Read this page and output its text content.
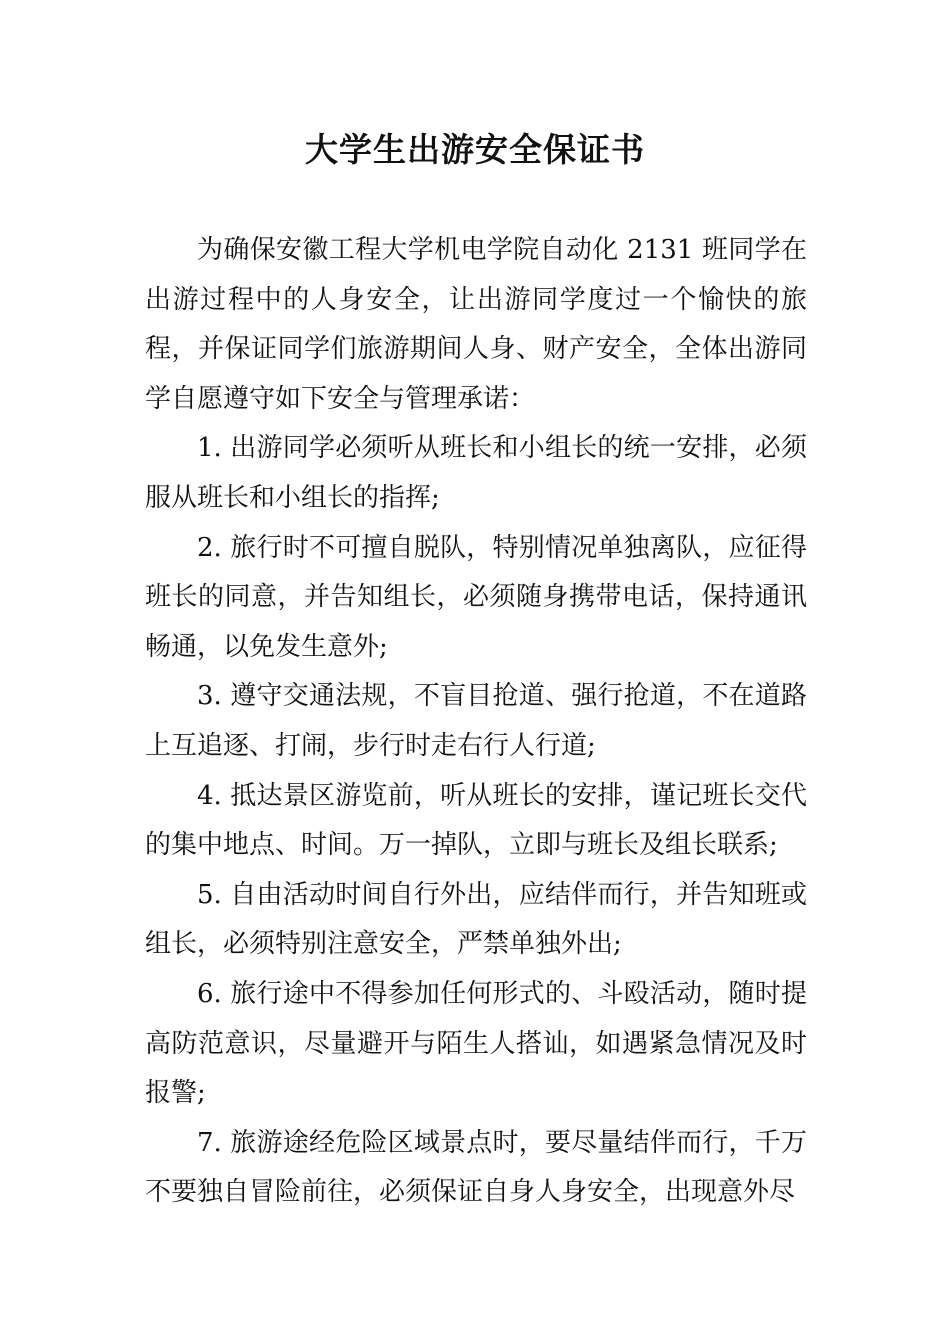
大学生出游安全保证书

为确保安徽工程大学机电学院自动化 2131 班同学在出游过程中的人身安全，让出游同学度过一个愉快的旅程，并保证同学们旅游期间人身、财产安全，全体出游同学自愿遵守如下安全与管理承诺：

1. 出游同学必须听从班长和小组长的统一安排，必须服从班长和小组长的指挥;

2. 旅行时不可擅自脱队，特别情况单独离队，应征得班长的同意，并告知组长，必须随身携带电话，保持通讯畅通，以免发生意外;

3. 遵守交通法规，不盲目抢道、强行抢道，不在道路上互追逐、打闹，步行时走右行人行道;

4. 抵达景区游览前，听从班长的安排，谨记班长交代的集中地点、时间。万一掉队，立即与班长及组长联系;

5. 自由活动时间自行外出，应结伴而行，并告知班或组长，必须特别注意安全，严禁单独外出;

6. 旅行途中不得参加任何形式的、斗殴活动，随时提高防范意识，尽量避开与陌生人搭讪，如遇紧急情况及时报警;

7. 旅游途经危险区域景点时，要尽量结伴而行，千万不要独自冒险前往，必须保证自身人身安全，出现意外尽
